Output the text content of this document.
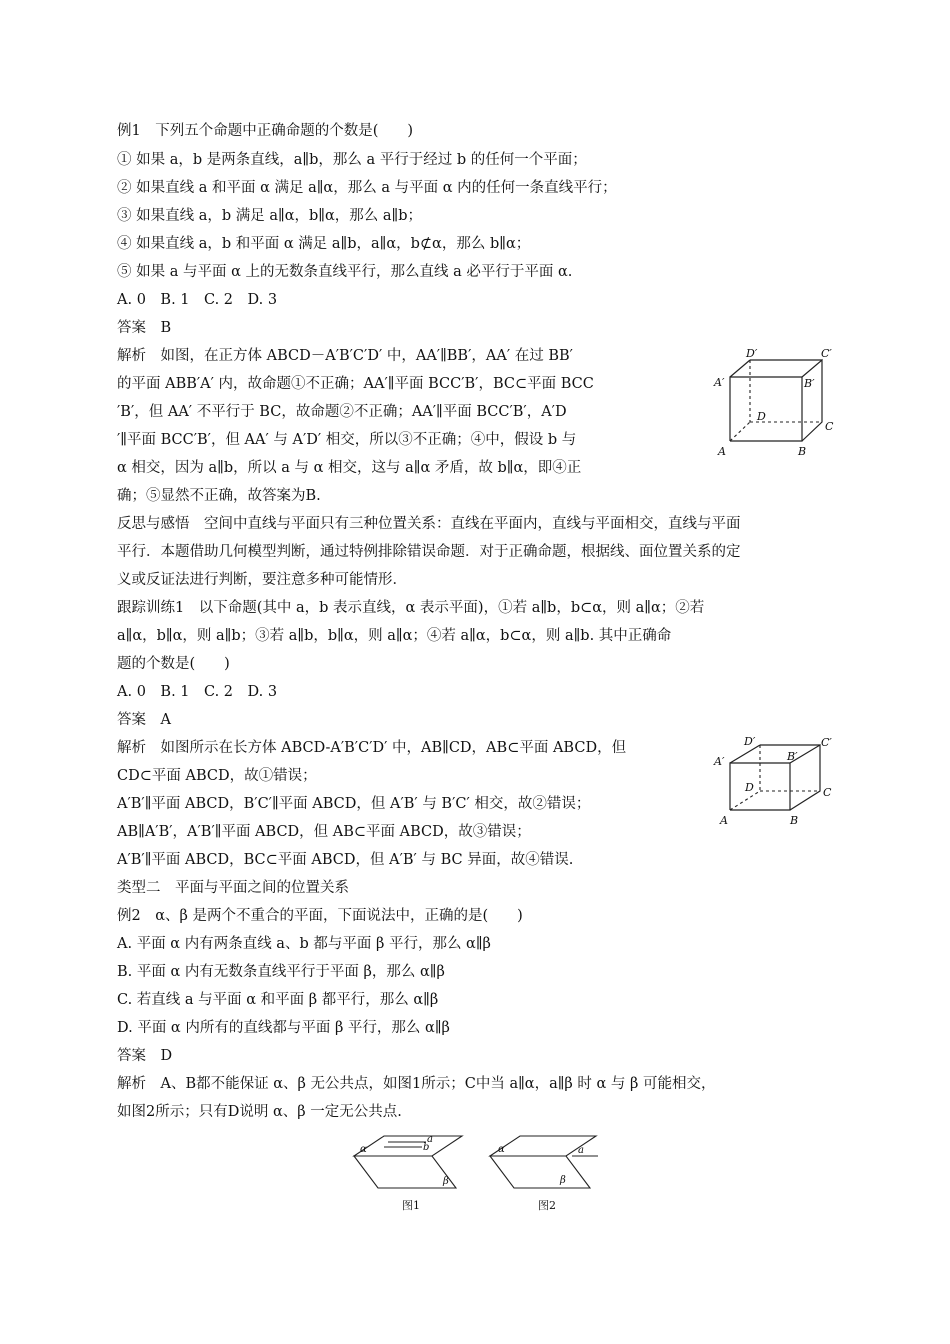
例1　下列五个命题中正确命题的个数是(　　)
① 如果 a，b 是两条直线，a∥b，那么 a 平行于经过 b 的任何一个平面；
② 如果直线 a 和平面 α 满足 a∥α，那么 a 与平面 α 内的任何一条直线平行；
③ 如果直线 a，b 满足 a∥α，b∥α，那么 a∥b；
④ 如果直线 a，b 和平面 α 满足 a∥b，a∥α，b⊄α，那么 b∥α；
⑤ 如果 a 与平面 α 上的无数条直线平行，那么直线 a 必平行于平面 α.
A. 0　B. 1　C. 2　D. 3
答案　B
解析　如图，在正方体 ABCD－A′B′C′D′ 中，AA′∥BB′，AA′ 在过 BB′
的平面 ABB′A′ 内，故命题①不正确；AA′∥平面 BCC′B′，BC⊂平面 BCC
′B′，但 AA′ 不平行于 BC，故命题②不正确；AA′∥平面 BCC′B′，A′D
′∥平面 BCC′B′，但 AA′ 与 A′D′ 相交，所以③不正确；④中，假设 b 与
α 相交，因为 a∥b，所以 a 与 α 相交，这与 a∥α 矛盾，故 b∥α，即④正
确；⑤显然不正确，故答案为B.
反思与感悟　空间中直线与平面只有三种位置关系：直线在平面内，直线与平面相交，直线与平面
平行．本题借助几何模型判断，通过特例排除错误命题．对于正确命题，根据线、面位置关系的定
义或反证法进行判断，要注意多种可能情形．
跟踪训练1　以下命题(其中 a，b 表示直线，α 表示平面)，①若 a∥b，b⊂α，则 a∥α；②若
a∥α，b∥α，则 a∥b；③若 a∥b，b∥α，则 a∥α；④若 a∥α，b⊂α，则 a∥b. 其中正确命
题的个数是(　　)
A. 0　B. 1　C. 2　D. 3
答案　A
解析　如图所示在长方体 ABCD-A′B′C′D′ 中，AB∥CD，AB⊂平面 ABCD，但
CD⊂平面 ABCD，故①错误；
A′B′∥平面 ABCD，B′C′∥平面 ABCD，但 A′B′ 与 B′C′ 相交，故②错误；
AB∥A′B′，A′B′∥平面 ABCD，但 AB⊂平面 ABCD，故③错误；
A′B′∥平面 ABCD，BC⊂平面 ABCD，但 A′B′ 与 BC 异面，故④错误.
类型二　平面与平面之间的位置关系
例2　α、β 是两个不重合的平面，下面说法中，正确的是(　　)
A. 平面 α 内有两条直线 a、b 都与平面 β 平行，那么 α∥β
B. 平面 α 内有无数条直线平行于平面 β，那么 α∥β
C. 若直线 a 与平面 α 和平面 β 都平行，那么 α∥β
D. 平面 α 内所有的直线都与平面 β 平行，那么 α∥β
答案　D
解析　A、B都不能保证 α、β 无公共点，如图1所示；C中当 a∥α，a∥β 时 α 与 β 可能相交，
如图2所示；只有D说明 α、β 一定无公共点.
A	B
C
D
A′	B′
C′
D′
A	B
C
D
A′	B′
C′
D′
α
a
b
β
图1
α	a
β
图2
